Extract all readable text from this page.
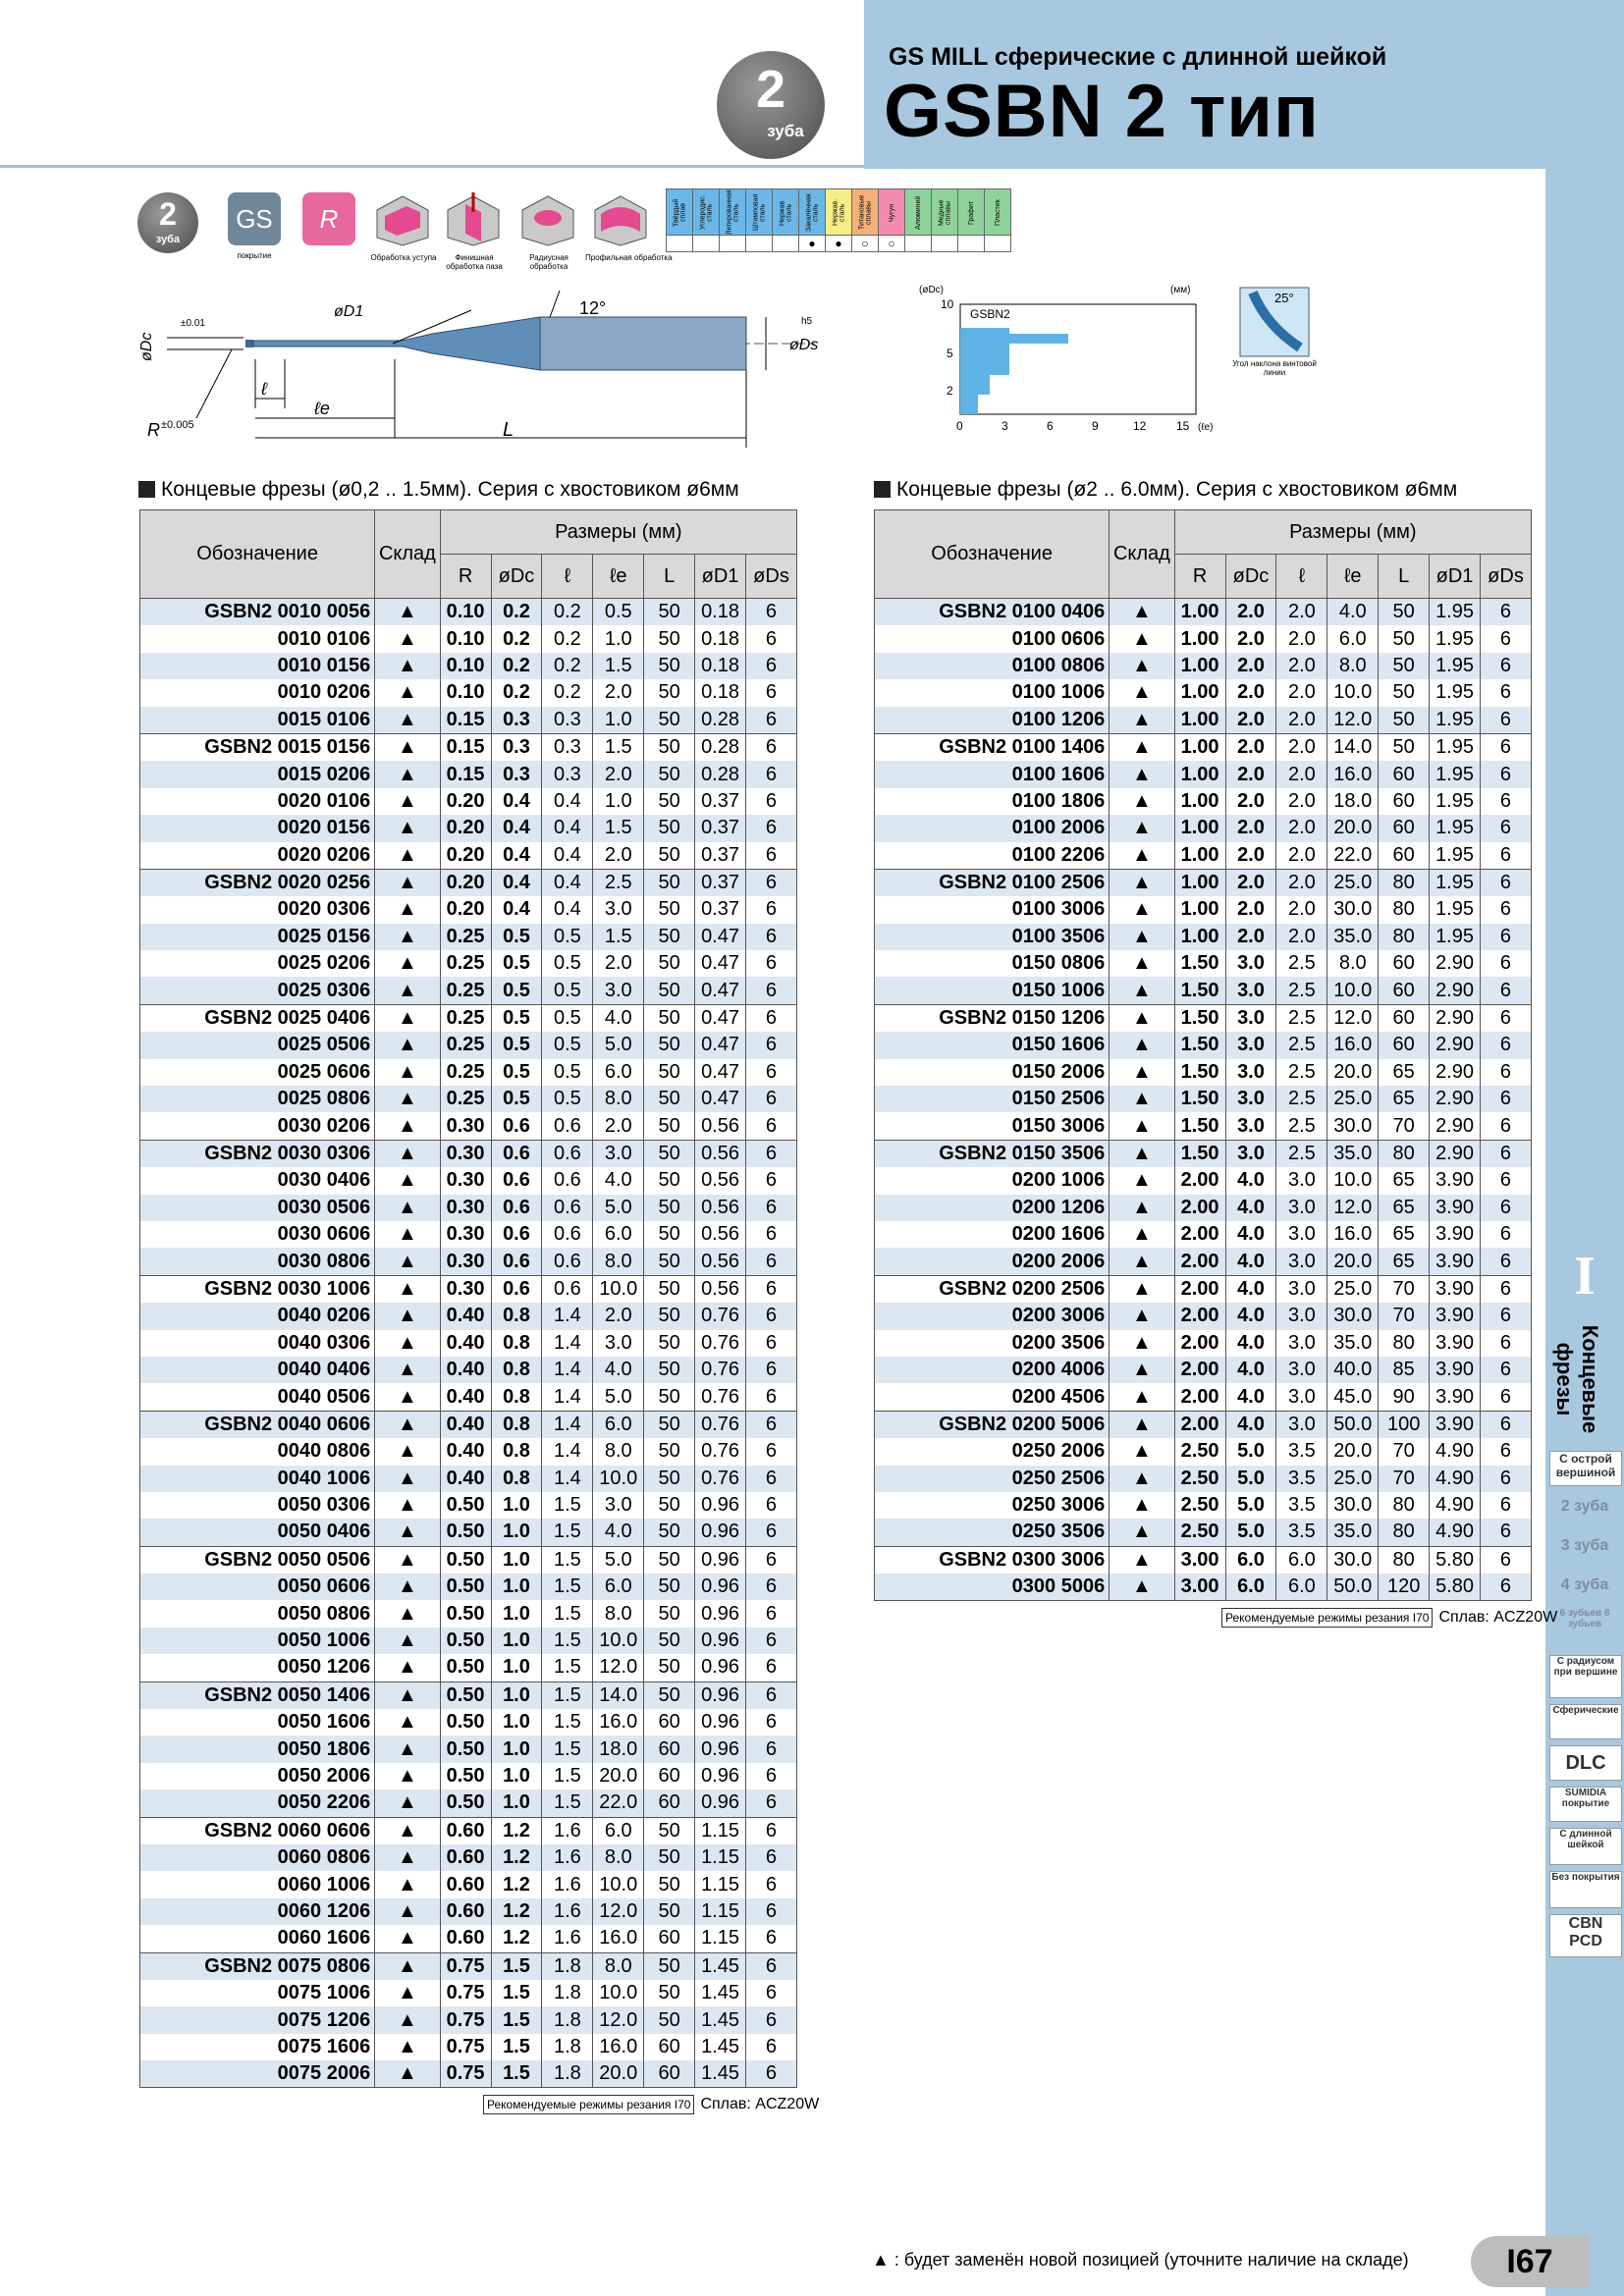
GS MILL сферические с длинной шейкой
GSBN 2 тип
2
зуба
2
зуба
GS
покрытие
R
Обработка уступа	Финишная обработка паза
Радиусная обработка
Профильная обработка
Твёрдый сплав	Углеродис. сталь	Легированная сталь	Штамповая сталь	Нержав. сталь	Закалённая сталь	Нержав. сталь	Титановые сплавы	Чугун	Алюминий	Медные сплавы	Графит	Пластик
					●	●	○	○				
øDc
±0.01
øD1	12°
øDs
h5
ℓ
ℓe
R ±0.005	L
(øDc)	(мм)
GSBN2
10
5
2
0	3	6	9	12	15 (ℓe)
25°
Угол наклона винтовой линии
Концевые фрезы (ø0,2 .. 1.5мм). Серия с хвостовиком ø6мм	Концевые фрезы (ø2 .. 6.0мм). Серия с хвостовиком ø6мм
Обозначение	Склад	Размеры (мм)						
		R	øDc	ℓ	ℓe	L	øD1	øDs
GSBN2 0010 0056	▲	0.10	0.2	0.2	0.5	50	0.18	6
0010 0106	▲	0.10	0.2	0.2	1.0	50	0.18	6
0010 0156	▲	0.10	0.2	0.2	1.5	50	0.18	6
0010 0206	▲	0.10	0.2	0.2	2.0	50	0.18	6
0015 0106	▲	0.15	0.3	0.3	1.0	50	0.28	6
GSBN2 0015 0156	▲	0.15	0.3	0.3	1.5	50	0.28	6
0015 0206	▲	0.15	0.3	0.3	2.0	50	0.28	6
0020 0106	▲	0.20	0.4	0.4	1.0	50	0.37	6
0020 0156	▲	0.20	0.4	0.4	1.5	50	0.37	6
0020 0206	▲	0.20	0.4	0.4	2.0	50	0.37	6
GSBN2 0020 0256	▲	0.20	0.4	0.4	2.5	50	0.37	6
0020 0306	▲	0.20	0.4	0.4	3.0	50	0.37	6
0025 0156	▲	0.25	0.5	0.5	1.5	50	0.47	6
0025 0206	▲	0.25	0.5	0.5	2.0	50	0.47	6
0025 0306	▲	0.25	0.5	0.5	3.0	50	0.47	6
GSBN2 0025 0406	▲	0.25	0.5	0.5	4.0	50	0.47	6
0025 0506	▲	0.25	0.5	0.5	5.0	50	0.47	6
0025 0606	▲	0.25	0.5	0.5	6.0	50	0.47	6
0025 0806	▲	0.25	0.5	0.5	8.0	50	0.47	6
0030 0206	▲	0.30	0.6	0.6	2.0	50	0.56	6
GSBN2 0030 0306	▲	0.30	0.6	0.6	3.0	50	0.56	6
0030 0406	▲	0.30	0.6	0.6	4.0	50	0.56	6
0030 0506	▲	0.30	0.6	0.6	5.0	50	0.56	6
0030 0606	▲	0.30	0.6	0.6	6.0	50	0.56	6
0030 0806	▲	0.30	0.6	0.6	8.0	50	0.56	6
GSBN2 0030 1006	▲	0.30	0.6	0.6	10.0	50	0.56	6
0040 0206	▲	0.40	0.8	1.4	2.0	50	0.76	6
0040 0306	▲	0.40	0.8	1.4	3.0	50	0.76	6
0040 0406	▲	0.40	0.8	1.4	4.0	50	0.76	6
0040 0506	▲	0.40	0.8	1.4	5.0	50	0.76	6
GSBN2 0040 0606	▲	0.40	0.8	1.4	6.0	50	0.76	6
0040 0806	▲	0.40	0.8	1.4	8.0	50	0.76	6
0040 1006	▲	0.40	0.8	1.4	10.0	50	0.76	6
0050 0306	▲	0.50	1.0	1.5	3.0	50	0.96	6
0050 0406	▲	0.50	1.0	1.5	4.0	50	0.96	6
GSBN2 0050 0506	▲	0.50	1.0	1.5	5.0	50	0.96	6
0050 0606	▲	0.50	1.0	1.5	6.0	50	0.96	6
0050 0806	▲	0.50	1.0	1.5	8.0	50	0.96	6
0050 1006	▲	0.50	1.0	1.5	10.0	50	0.96	6
0050 1206	▲	0.50	1.0	1.5	12.0	50	0.96	6
GSBN2 0050 1406	▲	0.50	1.0	1.5	14.0	50	0.96	6
0050 1606	▲	0.50	1.0	1.5	16.0	60	0.96	6
0050 1806	▲	0.50	1.0	1.5	18.0	60	0.96	6
0050 2006	▲	0.50	1.0	1.5	20.0	60	0.96	6
0050 2206	▲	0.50	1.0	1.5	22.0	60	0.96	6
GSBN2 0060 0606	▲	0.60	1.2	1.6	6.0	50	1.15	6
0060 0806	▲	0.60	1.2	1.6	8.0	50	1.15	6
0060 1006	▲	0.60	1.2	1.6	10.0	50	1.15	6
0060 1206	▲	0.60	1.2	1.6	12.0	50	1.15	6
0060 1606	▲	0.60	1.2	1.6	16.0	60	1.15	6
GSBN2 0075 0806	▲	0.75	1.5	1.8	8.0	50	1.45	6
0075 1006	▲	0.75	1.5	1.8	10.0	50	1.45	6
0075 1206	▲	0.75	1.5	1.8	12.0	50	1.45	6
0075 1606	▲	0.75	1.5	1.8	16.0	60	1.45	6
0075 2006	▲	0.75	1.5	1.8	20.0	60	1.45	6
Обозначение	Склад	Размеры (мм)						
		R	øDc	ℓ	ℓe	L	øD1	øDs
GSBN2 0100 0406	▲	1.00	2.0	2.0	4.0	50	1.95	6
0100 0606	▲	1.00	2.0	2.0	6.0	50	1.95	6
0100 0806	▲	1.00	2.0	2.0	8.0	50	1.95	6
0100 1006	▲	1.00	2.0	2.0	10.0	50	1.95	6
0100 1206	▲	1.00	2.0	2.0	12.0	50	1.95	6
GSBN2 0100 1406	▲	1.00	2.0	2.0	14.0	50	1.95	6
0100 1606	▲	1.00	2.0	2.0	16.0	60	1.95	6
0100 1806	▲	1.00	2.0	2.0	18.0	60	1.95	6
0100 2006	▲	1.00	2.0	2.0	20.0	60	1.95	6
0100 2206	▲	1.00	2.0	2.0	22.0	60	1.95	6
GSBN2 0100 2506	▲	1.00	2.0	2.0	25.0	80	1.95	6
0100 3006	▲	1.00	2.0	2.0	30.0	80	1.95	6
0100 3506	▲	1.00	2.0	2.0	35.0	80	1.95	6
0150 0806	▲	1.50	3.0	2.5	8.0	60	2.90	6
0150 1006	▲	1.50	3.0	2.5	10.0	60	2.90	6
GSBN2 0150 1206	▲	1.50	3.0	2.5	12.0	60	2.90	6
0150 1606	▲	1.50	3.0	2.5	16.0	60	2.90	6
0150 2006	▲	1.50	3.0	2.5	20.0	65	2.90	6
0150 2506	▲	1.50	3.0	2.5	25.0	65	2.90	6
0150 3006	▲	1.50	3.0	2.5	30.0	70	2.90	6
GSBN2 0150 3506	▲	1.50	3.0	2.5	35.0	80	2.90	6
0200 1006	▲	2.00	4.0	3.0	10.0	65	3.90	6
0200 1206	▲	2.00	4.0	3.0	12.0	65	3.90	6
0200 1606	▲	2.00	4.0	3.0	16.0	65	3.90	6
0200 2006	▲	2.00	4.0	3.0	20.0	65	3.90	6
GSBN2 0200 2506	▲	2.00	4.0	3.0	25.0	70	3.90	6
0200 3006	▲	2.00	4.0	3.0	30.0	70	3.90	6
0200 3506	▲	2.00	4.0	3.0	35.0	80	3.90	6
0200 4006	▲	2.00	4.0	3.0	40.0	85	3.90	6
0200 4506	▲	2.00	4.0	3.0	45.0	90	3.90	6
GSBN2 0200 5006	▲	2.00	4.0	3.0	50.0	100	3.90	6
0250 2006	▲	2.50	5.0	3.5	20.0	70	4.90	6
0250 2506	▲	2.50	5.0	3.5	25.0	70	4.90	6
0250 3006	▲	2.50	5.0	3.5	30.0	80	4.90	6
0250 3506	▲	2.50	5.0	3.5	35.0	80	4.90	6
GSBN2 0300 3006	▲	3.00	6.0	6.0	30.0	80	5.80	6
0300 5006	▲	3.00	6.0	6.0	50.0	120	5.80	6
Рекомендуемые режимы резания I70 Сплав: ACZ20W
Рекомендуемые режимы резания I70 Сплав: ACZ20W
I
Концевые фрезы
С острой вершиной
2 зуба
3 зуба
4 зуба
6 зубьев 8 зубьев
С радиусом при вершине
Сферические
DLC
SUMIDIA покрытие
С длинной шейкой
Без покрытия
CBN PCD
▲ : будет заменён новой позицией (уточните наличие на складе)	I67
